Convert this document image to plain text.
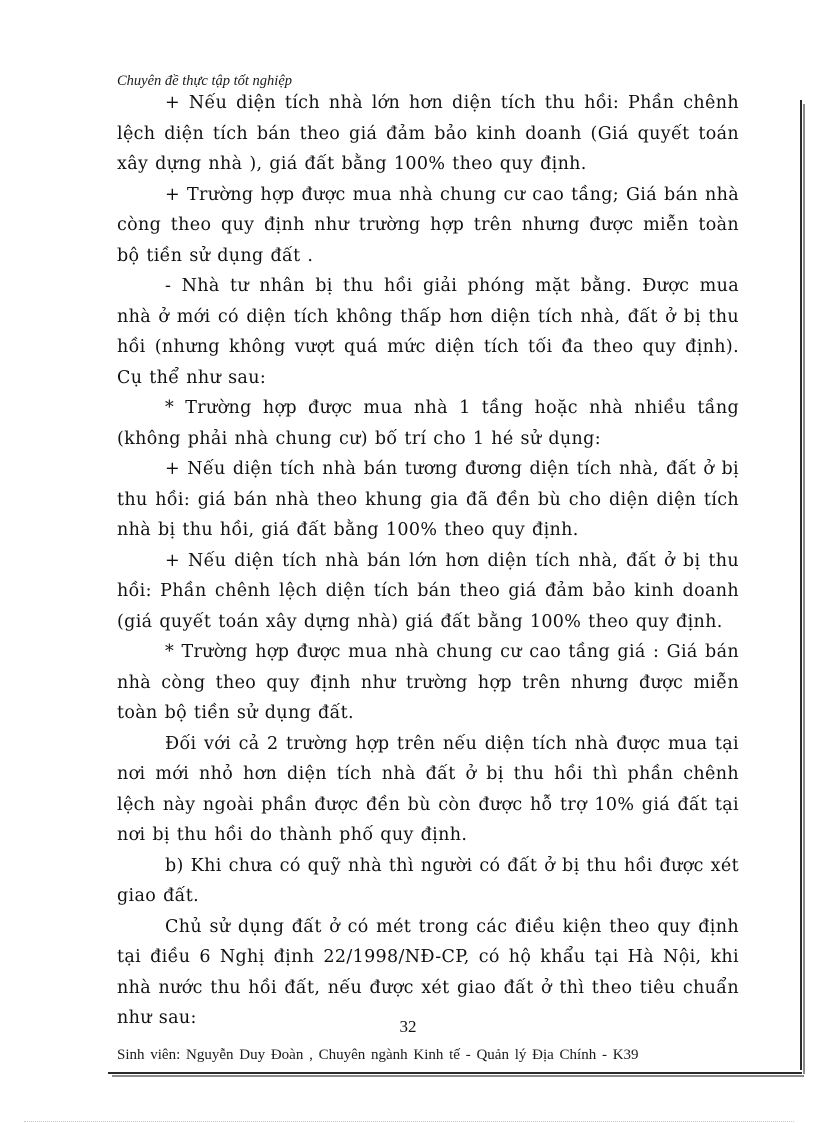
Chuyên đề thực tập tốt nghiệp

+ Nếu diện tích nhà lớn hơn diện tích thu hồi: Phần chênh lệch diện tích bán theo giá đảm bảo kinh doanh (Giá quyết toán xây dựng nhà ), giá đất bằng 100% theo quy định.

+ Trường hợp được mua nhà chung cư cao tầng; Giá bán nhà còng theo quy định như trường hợp trên nhưng được miễn toàn bộ tiền sử dụng đất .

- Nhà tư nhân bị thu hồi giải phóng mặt bằng. Được mua nhà ở mới có diện tích không thấp hơn diện tích nhà, đất ở bị thu hồi (nhưng không vượt quá mức diện tích tối đa theo quy định). Cụ thể như sau:

* Trường hợp được mua nhà 1 tầng hoặc nhà nhiều tầng (không phải nhà chung cư) bố trí cho 1 hé sử dụng:

+ Nếu diện tích nhà bán tương đương diện tích nhà, đất ở bị thu hồi: giá bán nhà theo khung gia đã đền bù cho diện diện tích nhà bị thu hồi, giá đất bằng 100% theo quy định.

+ Nếu diện tích nhà bán lớn hơn diện tích nhà, đất ở bị thu hồi: Phần chênh lệch diện tích bán theo giá đảm bảo kinh doanh (giá quyết toán xây dựng nhà) giá đất bằng 100% theo quy định.

* Trường hợp được mua nhà chung cư cao tầng giá : Giá bán nhà còng theo quy định như trường hợp trên nhưng được miễn toàn bộ tiền sử dụng đất.

Đối với cả 2 trường hợp trên nếu diện tích nhà được mua tại nơi mới nhỏ hơn diện tích nhà đất ở bị thu hồi thì phần chênh lệch này ngoài phần được đền bù còn được hỗ trợ 10% giá đất tại nơi bị thu hồi do thành phố quy định.

b) Khi chưa có quỹ nhà thì người có đất ở bị thu hồi được xét giao đất.

Chủ sử dụng đất ở có mét trong các điều kiện theo quy định tại điều 6 Nghị định 22/1998/NĐ-CP, có hộ khẩu tại Hà Nội, khi nhà nước thu hồi đất, nếu được xét giao đất ở thì theo tiêu chuẩn như sau:	32
Sinh viên: Nguyễn Duy Đoàn , Chuyên ngành Kinh tế - Quản lý Địa Chính - K39
